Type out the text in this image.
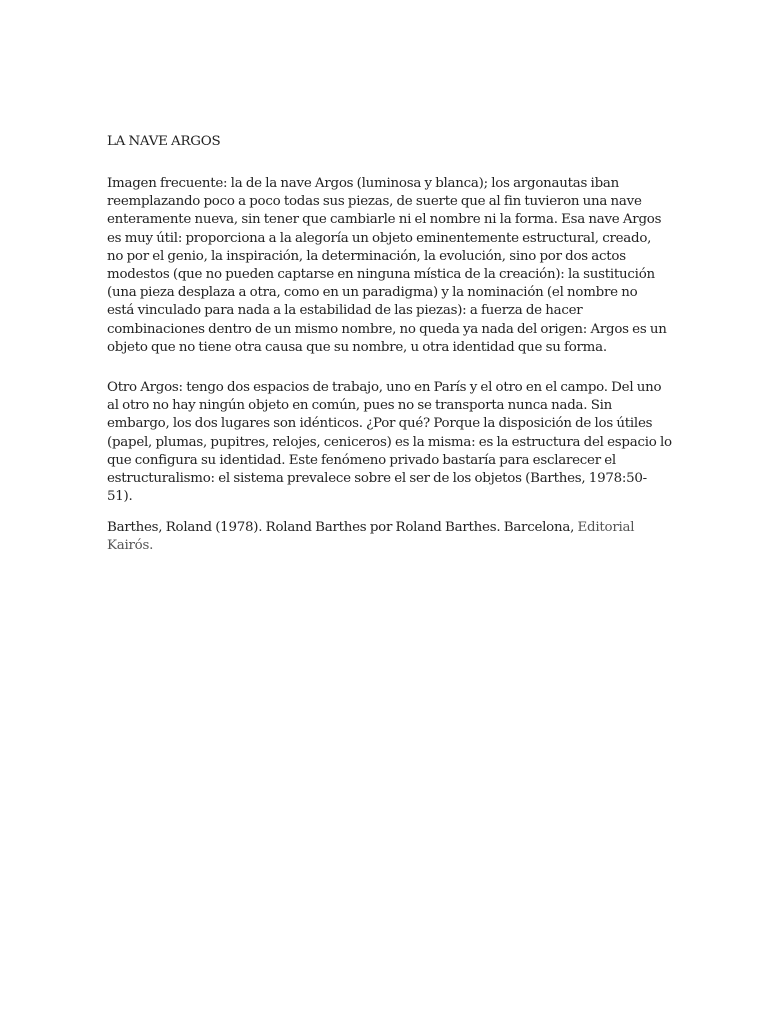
LA NAVE ARGOS
Imagen frecuente: la de la nave Argos (luminosa y blanca); los argonautas iban
reemplazando poco a poco todas sus piezas, de suerte que al fin tuvieron una nave
enteramente nueva, sin tener que cambiarle ni el nombre ni la forma. Esa nave Argos
es muy útil: proporciona a la alegoría un objeto eminentemente estructural, creado,
no por el genio, la inspiración, la determinación, la evolución, sino por dos actos
modestos (que no pueden captarse en ninguna mística de la creación): la sustitución
(una pieza desplaza a otra, como en un paradigma) y la nominación (el nombre no
está vinculado para nada a la estabilidad de las piezas): a fuerza de hacer
combinaciones dentro de un mismo nombre, no queda ya nada del origen: Argos es un
objeto que no tiene otra causa que su nombre, u otra identidad que su forma.
Otro Argos: tengo dos espacios de trabajo, uno en París y el otro en el campo. Del uno
al otro no hay ningún objeto en común, pues no se transporta nunca nada. Sin
embargo, los dos lugares son idénticos. ¿Por qué? Porque la disposición de los útiles
(papel, plumas, pupitres, relojes, ceniceros) es la misma: es la estructura del espacio lo
que configura su identidad. Este fenómeno privado bastaría para esclarecer el
estructuralismo: el sistema prevalece sobre el ser de los objetos (Barthes, 1978:50-
51).
Barthes, Roland (1978). Roland Barthes por Roland Barthes. Barcelona, Editorial
Kairós.
